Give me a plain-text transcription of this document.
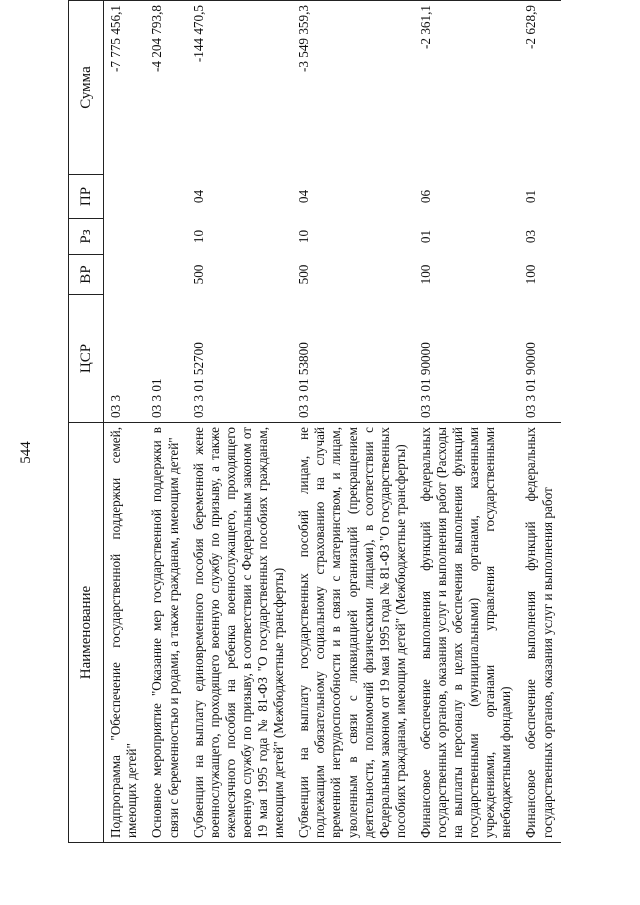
544
Наименование	ЦСР	ВР	Рз	ПР	Сумма
Подпрограмма "Обеспечение государственной поддержки семей, имеющих детей"	03 3				-7 775 456,1
Основное мероприятие "Оказание мер государственной поддержки в связи с беременностью и родами, а также гражданам, имеющим детей"	03 3 01				-4 204 793,8
Субвенции на выплату единовременного пособия беременной жене военнослужащего, проходящего военную службу по призыву, а также ежемесячного пособия на ребенка военнослужащего, проходящего военную службу по призыву, в соответствии с Федеральным законом от 19 мая 1995 года № 81-ФЗ "О государственных пособиях гражданам, имеющим детей" (Межбюджетные трансферты)	03 3 01 52700	500	10	04	-144 470,5
Субвенции на выплату государственных пособий лицам, не подлежащим обязательному социальному страхованию на случай временной нетрудоспособности и в связи с материнством, и лицам, уволенным в связи с ликвидацией организаций (прекращением деятельности, полномочий физическими лицами), в соответствии с Федеральным законом от 19 мая 1995 года № 81-ФЗ "О государственных пособиях гражданам, имеющим детей" (Межбюджетные трансферты)	03 3 01 53800	500	10	04	-3 549 359,3
Финансовое обеспечение выполнения функций федеральных государственных органов, оказания услуг и выполнения работ (Расходы на выплаты персоналу в целях обеспечения выполнения функций государственными (муниципальными) органами, казенными учреждениями, органами управления государственными внебюджетными фондами)	03 3 01 90000	100	01	06	-2 361,1
Финансовое обеспечение выполнения функций федеральных государственных органов, оказания услуг и выполнения работ	03 3 01 90000	100	03	01	-2 628,9
